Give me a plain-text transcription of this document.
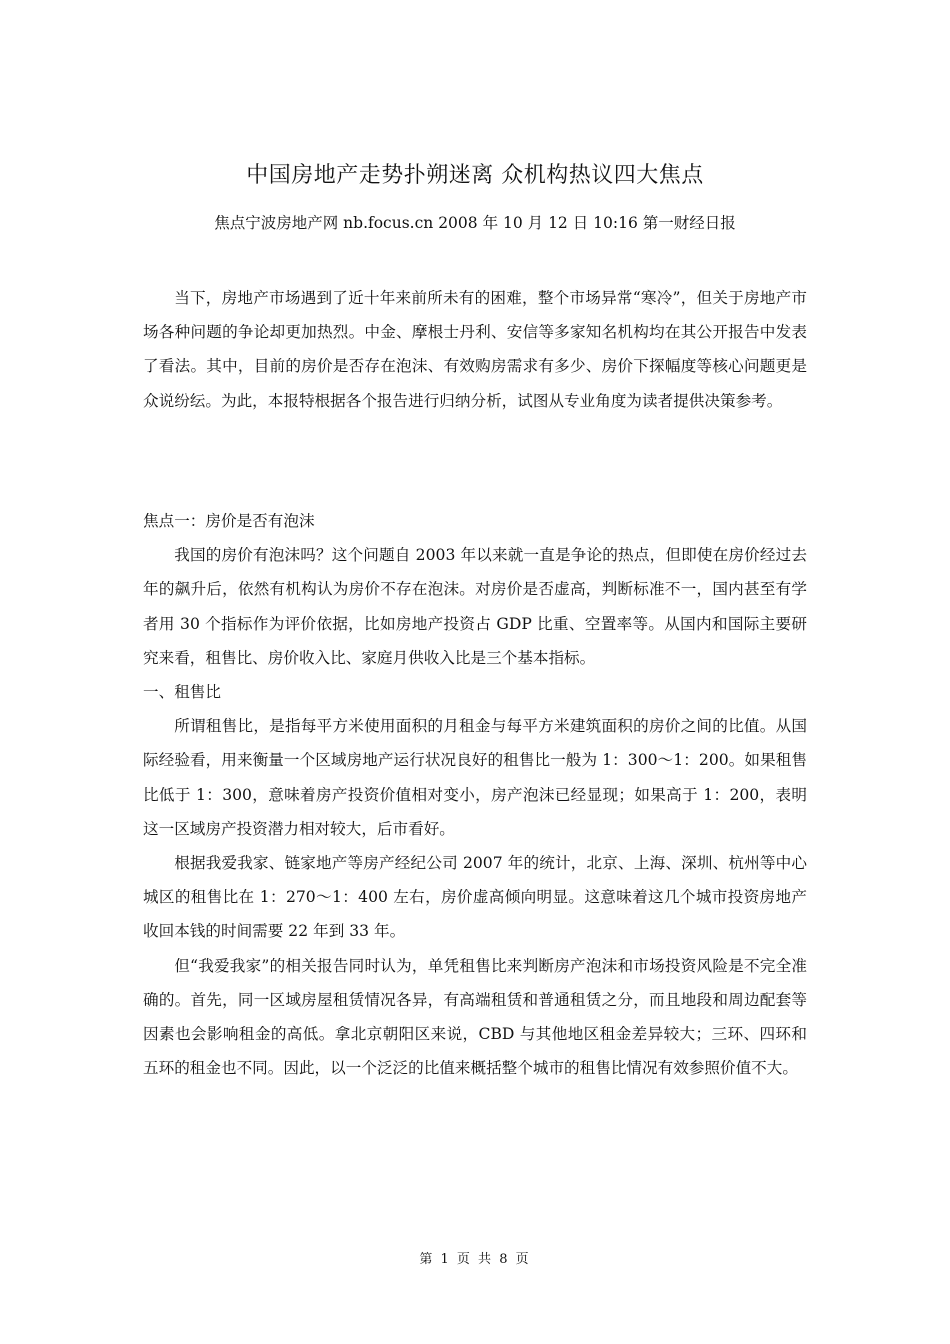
中国房地产走势扑朔迷离 众机构热议四大焦点
焦点宁波房地产网 nb.focus.cn 2008 年 10 月 12 日 10:16 第一财经日报

当下，房地产市场遇到了近十年来前所未有的困难，整个市场异常“寒冷”，但关于房地产市场各种问题的争论却更加热烈。中金、摩根士丹利、安信等多家知名机构均在其公开报告中发表了看法。其中，目前的房价是否存在泡沫、有效购房需求有多少、房价下探幅度等核心问题更是众说纷纭。为此，本报特根据各个报告进行归纳分析，试图从专业角度为读者提供决策参考。

焦点一：房价是否有泡沫

我国的房价有泡沫吗？这个问题自 2003 年以来就一直是争论的热点，但即使在房价经过去年的飙升后，依然有机构认为房价不存在泡沫。对房价是否虚高，判断标准不一，国内甚至有学者用 30 个指标作为评价依据，比如房地产投资占 GDP 比重、空置率等。从国内和国际主要研究来看，租售比、房价收入比、家庭月供收入比是三个基本指标。

一、租售比

所谓租售比，是指每平方米使用面积的月租金与每平方米建筑面积的房价之间的比值。从国际经验看，用来衡量一个区域房地产运行状况良好的租售比一般为 1：300～1：200。如果租售比低于 1：300，意味着房产投资价值相对变小，房产泡沫已经显现；如果高于 1：200，表明这一区域房产投资潜力相对较大，后市看好。

根据我爱我家、链家地产等房产经纪公司 2007 年的统计，北京、上海、深圳、杭州等中心城区的租售比在 1：270～1：400 左右，房价虚高倾向明显。这意味着这几个城市投资房地产收回本钱的时间需要 22 年到 33 年。

但“我爱我家”的相关报告同时认为，单凭租售比来判断房产泡沫和市场投资风险是不完全准确的。首先，同一区域房屋租赁情况各异，有高端租赁和普通租赁之分，而且地段和周边配套等因素也会影响租金的高低。拿北京朝阳区来说，CBD 与其他地区租金差异较大；三环、四环和五环的租金也不同。因此，以一个泛泛的比值来概括整个城市的租售比情况有效参照价值不大。

第 1 页 共 8 页
